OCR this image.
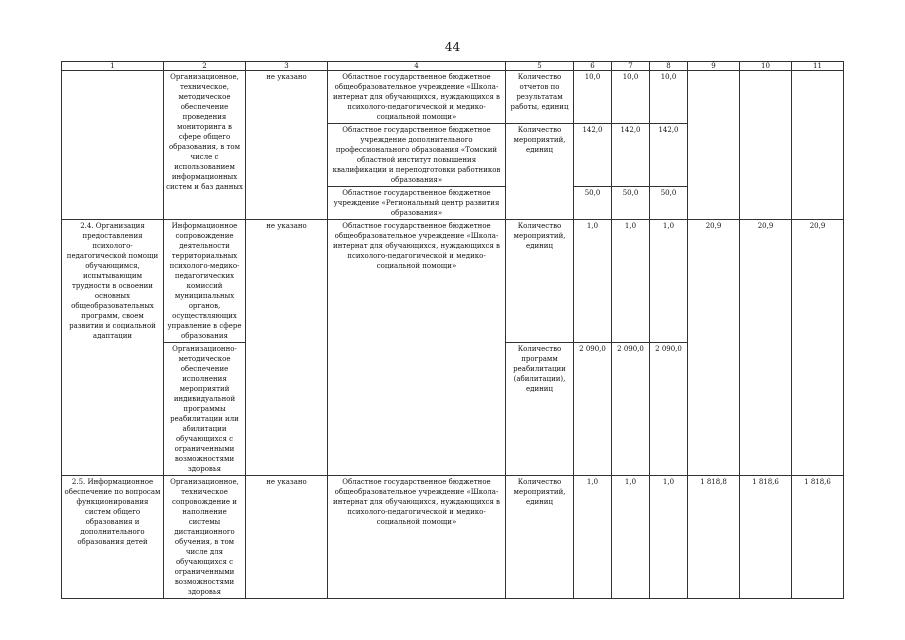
44
1	2	3	4	5	6	7	8	9	10	11
	Организационное, техническое, методическое обеспечение проведения мониторинга в сфере общего образования, в том числе с использованием информационных систем и баз данных	не указано	Областное государственное бюджетное общеобразовательное учреждение «Школа-интернат для обучающихся, нуждающихся в психолого-педагогической и медико-социальной помощи»	Количество отчетов по результатам работы, единиц	10,0	10,0	10,0			
			Областное государственное бюджетное учреждение дополнительного профессионального образования «Томский областной институт повышения квалификации и переподготовки работников образования»	Количество мероприятий, единиц	142,0	142,0	142,0			
			Областное государственное бюджетное учреждение «Региональный центр развития образования»		50,0	50,0	50,0			
2.4. Организация предоставления психолого-педагогической помощи обучающимся, испытывающим трудности в освоении основных общеобразовательных программ, своем развитии и социальной адаптации	Информационное сопровождение деятельности территориальных психолого-медико-педагогических комиссий муниципальных органов, осуществляющих управление в сфере образования	не указано	Областное государственное бюджетное общеобразовательное учреждение «Школа-интернат для обучающихся, нуждающихся в психолого-педагогической и медико-социальной помощи»	Количество мероприятий, единиц	1,0	1,0	1,0	20,9	20,9	20,9
	Организационно-методическое обеспечение исполнения мероприятий индивидуальной программы реабилитации или абилитации обучающихся с ограниченными возможностями здоровья			Количество программ реабилитации (абилитации), единиц	2 090,0	2 090,0	2 090,0			
2.5. Информационное обеспечение по вопросам функционирования систем общего образования и дополнительного образования детей	Организационное, техническое сопровождение и наполнение системы дистанционного обучения, в том числе для обучающихся с ограниченными возможностями здоровья	не указано	Областное государственное бюджетное общеобразовательное учреждение «Школа-интернат для обучающихся, нуждающихся в психолого-педагогической и медико-социальной помощи»	Количество мероприятий, единиц	1,0	1,0	1,0	1 818,8	1 818,6	1 818,6
